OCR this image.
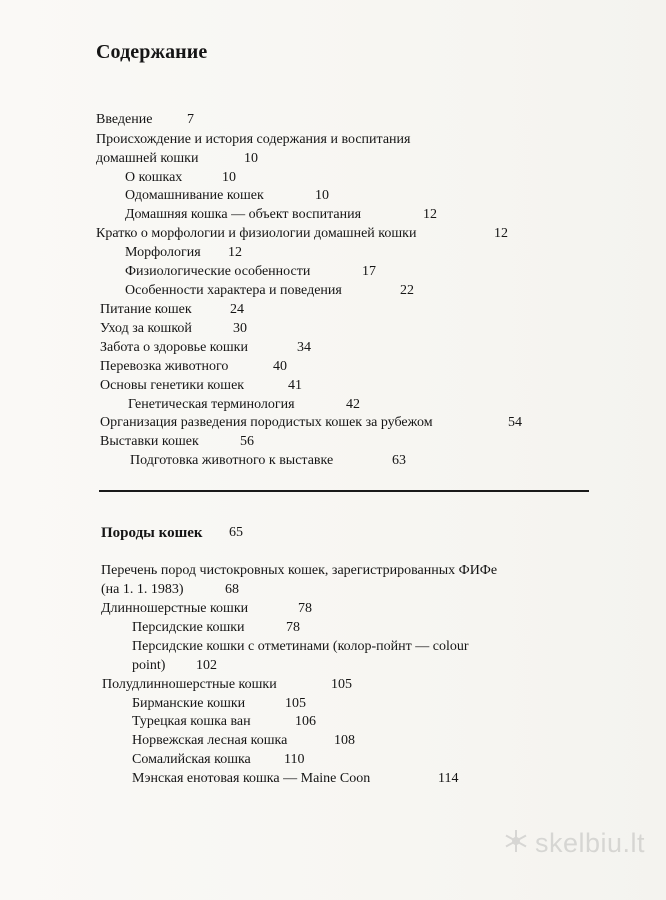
Содержание
Введение 7
Происхождение и история содержания и воспитания
домашней кошки	10
О кошках	10
Одомашнивание кошек	10
Домашняя кошка — объект воспитания	12
Кратко о морфологии и физиологии домашней кошки	12
Морфология 12
Физиологические особенности	17
Особенности характера и поведения	22
Питание кошек	24
Уход за кошкой	30
Забота о здоровье кошки	34
Перевозка животного	40
Основы генетики кошек	41
Генетическая терминология	42
Организация разведения породистых кошек за рубежом	54
Выставки кошек	56
Подготовка животного к выставке	63
Породы кошек 65
Перечень пород чистокровных кошек, зарегистрированных ФИФе
(на 1. 1. 1983)	68
Длинношерстные кошки	78
Персидские кошки	78
Персидские кошки с отметинами (колор-пойнт — colour
point) 102
Полудлинношерстные кошки	105
Бирманские кошки	105
Турецкая кошка ван	106
Норвежская лесная кошка	108
Сомалийская кошка 110
Мэнская енотовая кошка — Maine Coon	114
skelbiu.lt
